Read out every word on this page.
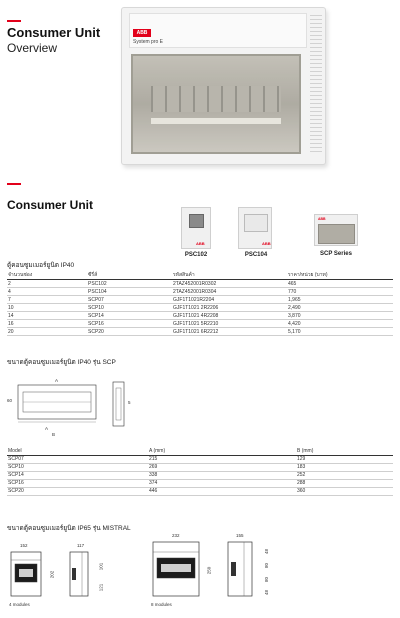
Consumer Unit
Overview
ABB
System pro E
Consumer Unit
ABB
PSC102
ABB
PSC104
ABB
SCP Series
ตู้คอนซูมเมอร์ยูนิต IP40
จำนวนช่อง	ซีรี่ส์	รหัสสินค้า	ราคา/หน่วย (บาท)
2	PSC102	2TAZ452001R0302	465
4	PSC104	2TAZ452001R0304	770
7	SCP07	GJF1T1021R2204	1,965
10	SCP10	GJF1T1021 2R2206	2,490
14	SCP14	GJF1T1021 4R2208	3,870
16	SCP16	GJF1T1021 5R2210	4,420
20	SCP20	GJF1T1021 6R2212	5,170
ขนาดตู้คอนซูมเมอร์ยูนิต IP40 รุ่น SCP
A
60
A
B
5
Model	A (mm)	B (mm)
SCP07	215	129
SCP10	269	183
SCP14	338	252
SCP16	374	288
SCP20	446	360
ขนาดตู้คอนซูมเมอร์ยูนิต IP65 รุ่น MISTRAL
152
202
4 modules
117
101
121
232
250
8 modules
155
48
80
80
48
